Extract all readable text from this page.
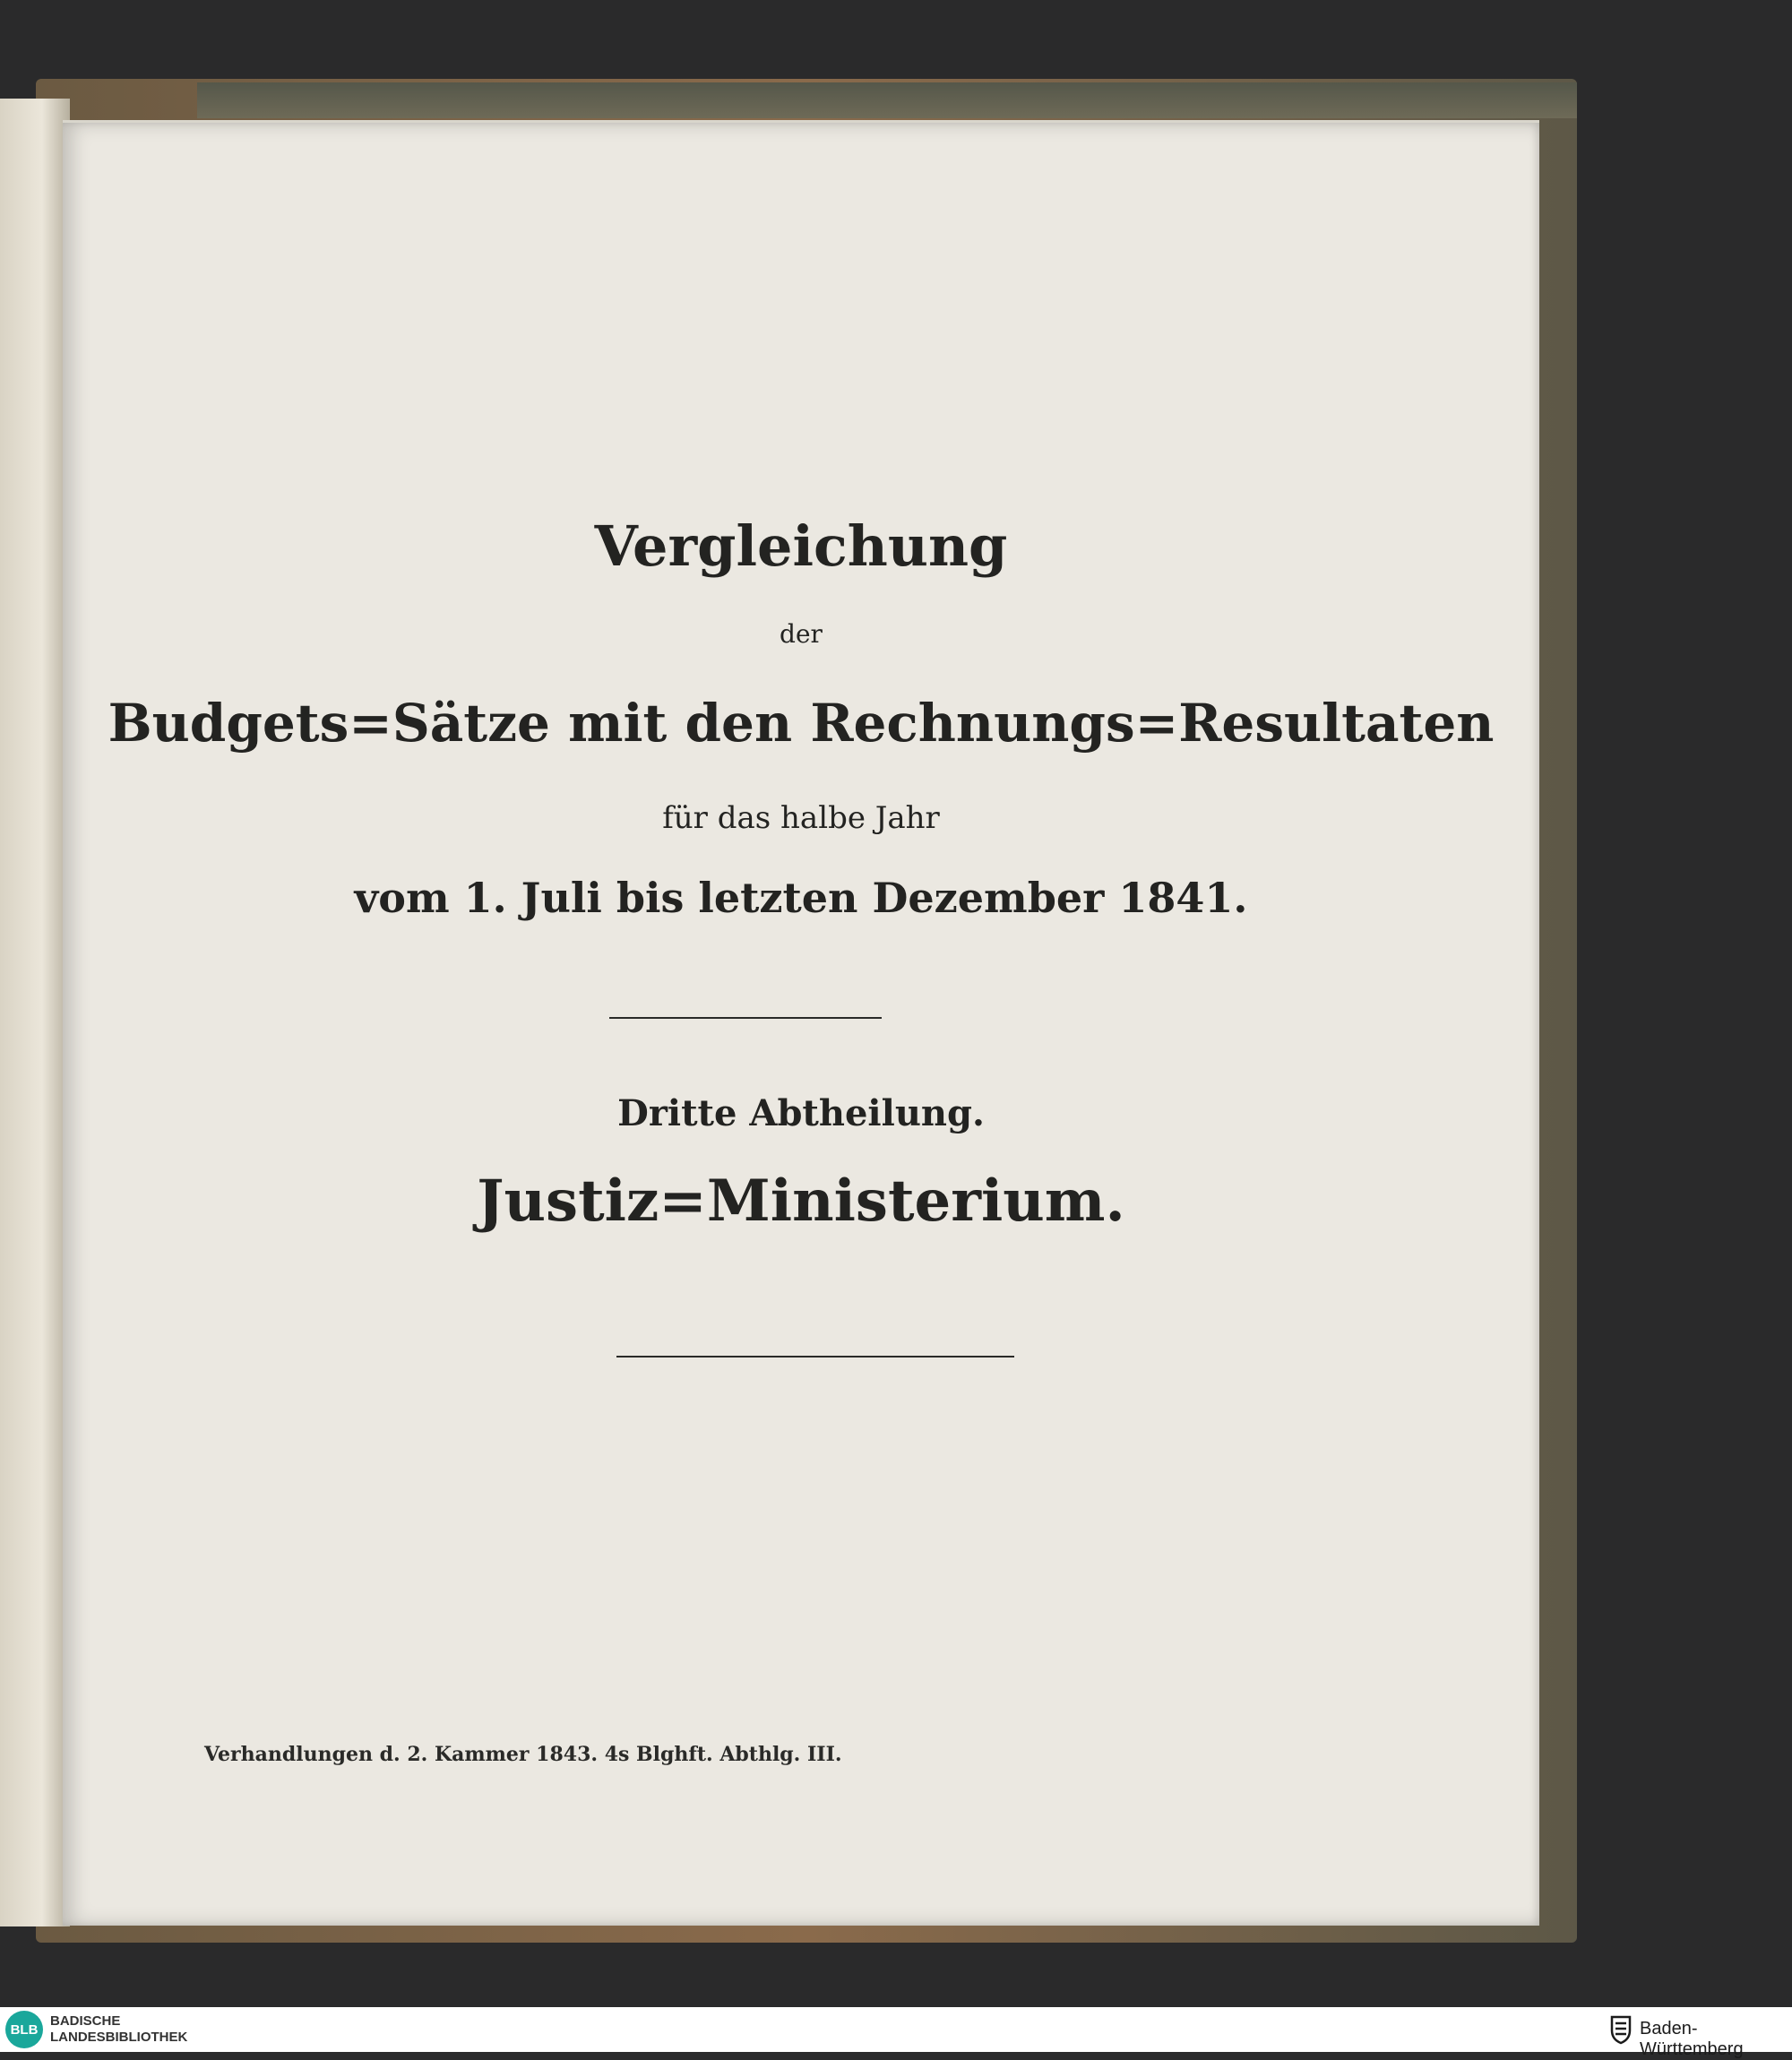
Vergleichung
der
Budgets=Sätze mit den Rechnungs=Resultaten
für das halbe Jahr
vom 1. Juli bis letzten Dezember 1841.
Dritte Abtheilung.
Justiz=Ministerium.
Verhandlungen d. 2. Kammer 1843. 4s Blghft. Abthlg. III.
BLB
BADISCHE
LANDESBIBLIOTHEK	Baden-Württemberg
